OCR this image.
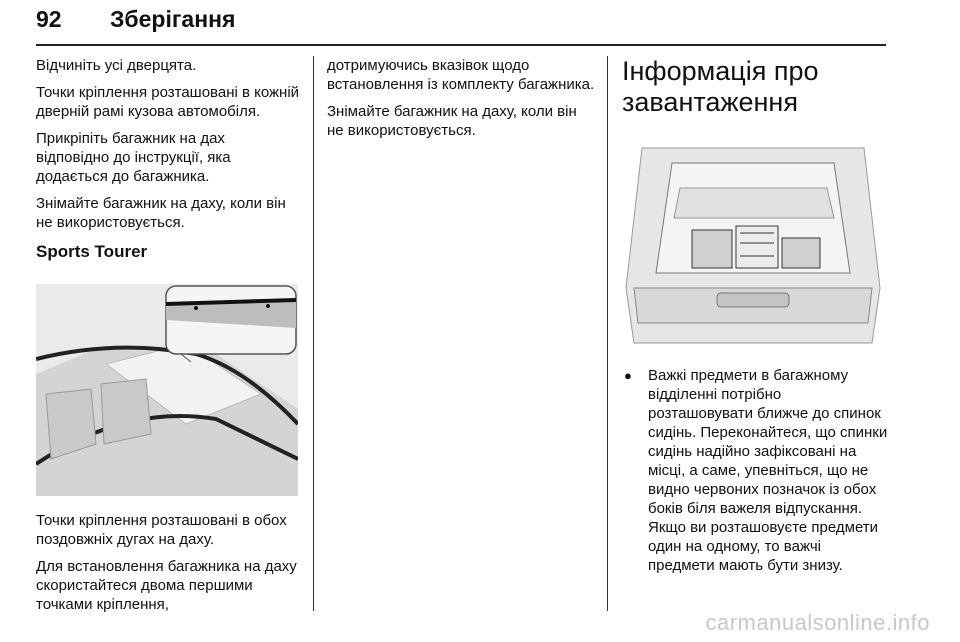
92 Зберігання

Відчиніть усі дверцята.

Точки кріплення розташовані в кожній дверній рамі кузова автомобіля.

Прикріпіть багажник на дах відповідно до інструкції, яка додається до багажника.

Знімайте багажник на даху, коли він не використовується.

Sports Tourer

Точки кріплення розташовані в обох поздовжніх дугах на даху.

Для встановлення багажника на даху скористайтеся двома першими точками кріплення,

дотримуючись вказівок щодо встановлення із комплекту багажника.

Знімайте багажник на даху, коли він не використовується.

Інформація про завантаження
● Важкі предмети в багажному відділенні потрібно розташовувати ближче до спинок сидінь. Переконайтеся, що спинки сидінь надійно зафіксовані на місці, а саме, упевніться, що не видно червоних позначок із обох боків біля важеля відпускання. Якщо ви розташовуєте предмети один на одному, то важчі предмети мають бути знизу.
carmanualsonline.info
